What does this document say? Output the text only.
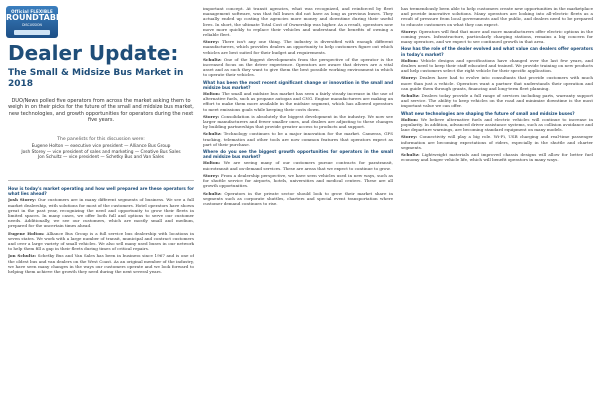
Official FLEXIBLE
ROUNDTABLE
DISCUSSION
Dealer Update:
The Small & Midsize Bus Market in 2018
DUO/News polled five operators from across the market asking them to weigh in on their picks for the future of the small and midsize bus market, new technologies, and growth opportunities for operators during the next five years.
The panelists for this discussion were:
Eugene Holton — executive vice president — Alliance Bus Group
Josh Storey — vice president of sales and marketing — Creative Bus Sales
Jon Schultz — vice president — Schetky Bus and Van Sales
How is today's market operating and how well prepared are these operators for what lies ahead?

Josh Storey: Our customers are in many different segments of business. We see a full market dealership, with solutions for most of the customers. Hotel operators have shown great in the past year, recognizing the need and opportunity to grow their fleets in limited spaces. In many cases, we offer both full and options to serve our customer needs. Additionally, we see our customers, which are mostly small and medium, prepared for the uncertain times ahead.

Eugene Holton: Alliance Bus Group is a full service bus dealership with locations in seven states. We work with a large number of transit, municipal and contract customers and over a large variety of small vehicles. We also sell many used buses in our network to help them fill a gap in their fleets during times of critical repairs.

Jon Schultz: Schetky Bus and Van Sales has been in business since 1967 and is one of the oldest bus and van dealers on the West Coast. As an original member of the industry, we have seen many changes in the ways our customers operate and we look forward to helping them achieve the growth they need during the next several years.

important concept. At transit agencies, what was recognized, and reinforced by fleet management software, was that full buses did not have as long as previous buses. They actually ended up costing the agencies more money and downtime during their useful lives. In short, the ultimate Total Cost of Ownership was higher. As a result, operators now move more quickly to replace their vehicles and understand the benefits of owning a reliable fleet.

Storey: There isn't any one thing. The industry is diversified with enough different manufacturers, which provides dealers an opportunity to help customers figure out which vehicles are best suited for their budget and requirements.

Schultz: One of the biggest developments from the perspective of the operator is the increased focus on the driver experience. Operators are aware that drivers are a vital asset and as such they want to give them the best possible working environment in which to operate their vehicles.

What has been the most recent significant change or innovation in the small and midsize bus market?

Holton: The small and midsize bus market has seen a fairly steady increase in the use of alternative fuels, such as propane autogas and CNG. Engine manufacturers are making an effort to make them more available in the midsize segment, which has allowed operators to meet emissions goals while keeping their costs down.

Storey: Consolidation is absolutely the biggest development in the industry. We now see larger manufacturers and fewer smaller ones, and dealers are adjusting to these changes by building partnerships that provide greater access to products and support.

Schultz: Technology continues to be a major innovation for the market. Cameras, GPS tracking, telematics and other tools are now common features that operators expect as part of their purchase.

Where do you see the biggest growth opportunities for operators in the small and midsize bus market?

Holton: We are seeing many of our customers pursue contracts for paratransit, microtransit and on-demand services. These are areas that we expect to continue to grow.

Storey: From a dealership perspective, we have seen vehicles used in new ways, such as for shuttle service for airports, hotels, universities and medical centers. These are all growth opportunities.

Schultz: Operators in the private sector should look to grow their market share in segments such as corporate shuttles, charters and special event transportation where customer demand continues to rise.

has tremendously been able to help customers create new opportunities in the marketplace and provide innovative solutions. Many operators are looking into all-electric fleets as a result of pressure from local governments and the public, and dealers need to be prepared to educate customers on what they can expect.

Storey: Operators will find that more and more manufacturers offer electric options in the coming years. Infrastructure, particularly charging stations, remains a big concern for many operators, and we expect to see continued growth in that area.

How has the role of the dealer evolved and what value can dealers offer operators in today's market?

Holton: Vehicle designs and specifications have changed over the last few years, and dealers need to keep their staff educated and trained. We provide training on new products and help customers select the right vehicle for their specific application.

Storey: Dealers have had to evolve into consultants that provide customers with much more than just a vehicle. Operators want a partner that understands their operation and can guide them through grants, financing and long-term fleet planning.

Schultz: Dealers today provide a full range of services including parts, warranty support and service. The ability to keep vehicles on the road and minimize downtime is the most important value we can offer.

What new technologies are shaping the future of small and midsize buses?

Holton: We believe alternative fuels and electric vehicles will continue to increase in popularity. In addition, advanced driver assistance systems, such as collision avoidance and lane departure warnings, are becoming standard equipment on many models.

Storey: Connectivity will play a big role. Wi-Fi, USB charging and real-time passenger information are becoming expectations of riders, especially in the shuttle and charter segments.

Schultz: Lightweight materials and improved chassis designs will allow for better fuel economy and longer vehicle life, which will benefit operators in many ways.
